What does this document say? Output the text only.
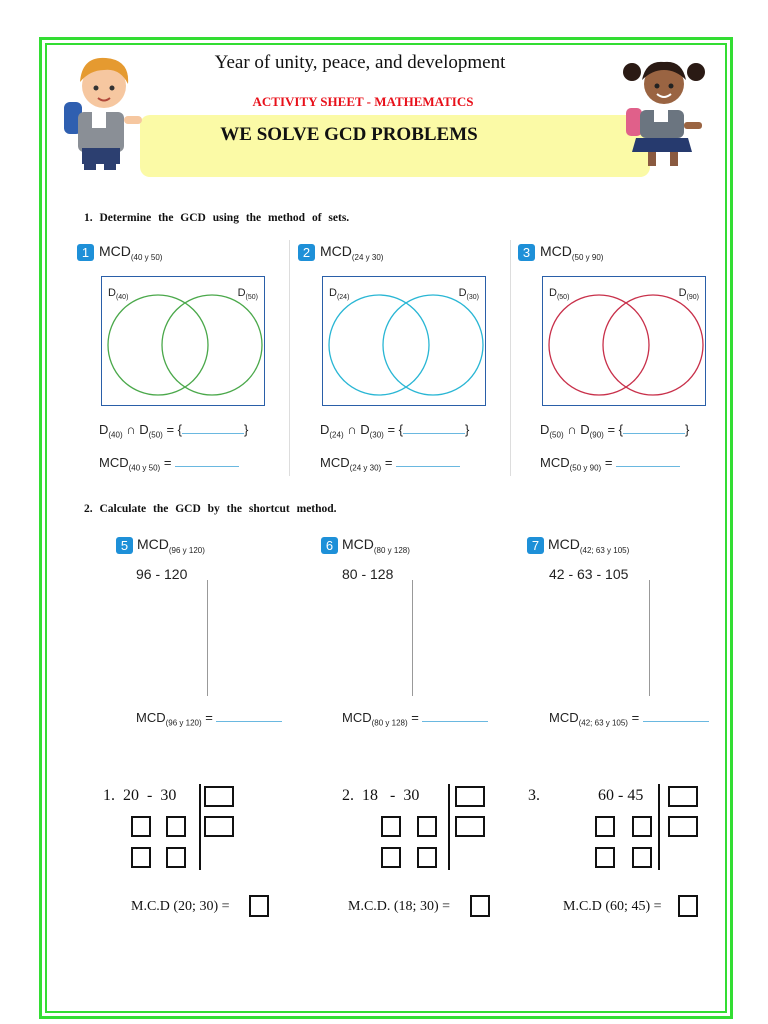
Year of unity, peace, and development
ACTIVITY SHEET - MATHEMATICS
WE SOLVE GCD PROBLEMS
1. Determine the GCD using the method of sets.
1 $MCD_{(40 y 50)}$
$D_{(40)}$	$D_{(50)}$
$D_{(40)}$ ∩ $D_{(50)}$ = {	}
$MCD_{(40 y 50)}$ =
2 $MCD_{(24 y 30)}$
$D_{(24)}$	$D_{(30)}$
$D_{(24)}$ ∩ $D_{(30)}$ = {	}
$MCD_{(24 y 30)}$ =
3 $MCD_{(50 y 90)}$
$D_{(50)}$	$D_{(90)}$
$D_{(50)}$ ∩ $D_{(90)}$ = {	}
$MCD_{(50 y 90)}$ =
2. Calculate the GCD by the shortcut method.
5 $MCD_{(96 y 120)}$
96 - 120
$MCD_{(96 y 120)}$ =
6 $MCD_{(80 y 128)}$
80 - 128
$MCD_{(80 y 128)}$ =
7 $MCD_{(42; 63 y 105)}$
42 - 63 - 105
$MCD_{(42; 63 y 105)}$ =
1.  20  -  30
M.C.D (20; 30) =
2.  18   -  30
M.C.D. (18; 30) =
3.	60 - 45
M.C.D (60; 45) =
